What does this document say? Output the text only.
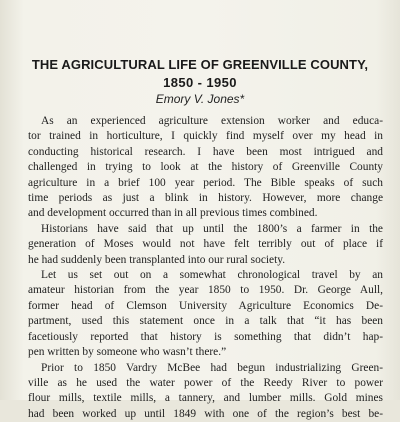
THE AGRICULTURAL LIFE OF GREENVILLE COUNTY,
1850 - 1950
Emory V. Jones*
As an experienced agriculture extension worker and educa-
tor trained in horticulture, I quickly find myself over my head in
conducting historical research. I have been most intrigued and
challenged in trying to look at the history of Greenville County
agriculture in a brief 100 year period. The Bible speaks of such
time periods as just a blink in history. However, more change
and development occurred than in all previous times combined.
Historians have said that up until the 1800’s a farmer in the
generation of Moses would not have felt terribly out of place if
he had suddenly been transplanted into our rural society.
Let us set out on a somewhat chronological travel by an
amateur historian from the year 1850 to 1950. Dr. George Aull,
former head of Clemson University Agriculture Economics De-
partment, used this statement once in a talk that “it has been
facetiously reported that history is something that didn’t hap-
pen written by someone who wasn’t there.”
Prior to 1850 Vardry McBee had begun industrializing Green-
ville as he used the water power of the Reedy River to power
flour mills, textile mills, a tannery, and lumber mills. Gold mines
had been worked up until 1849 with one of the region’s best be-
